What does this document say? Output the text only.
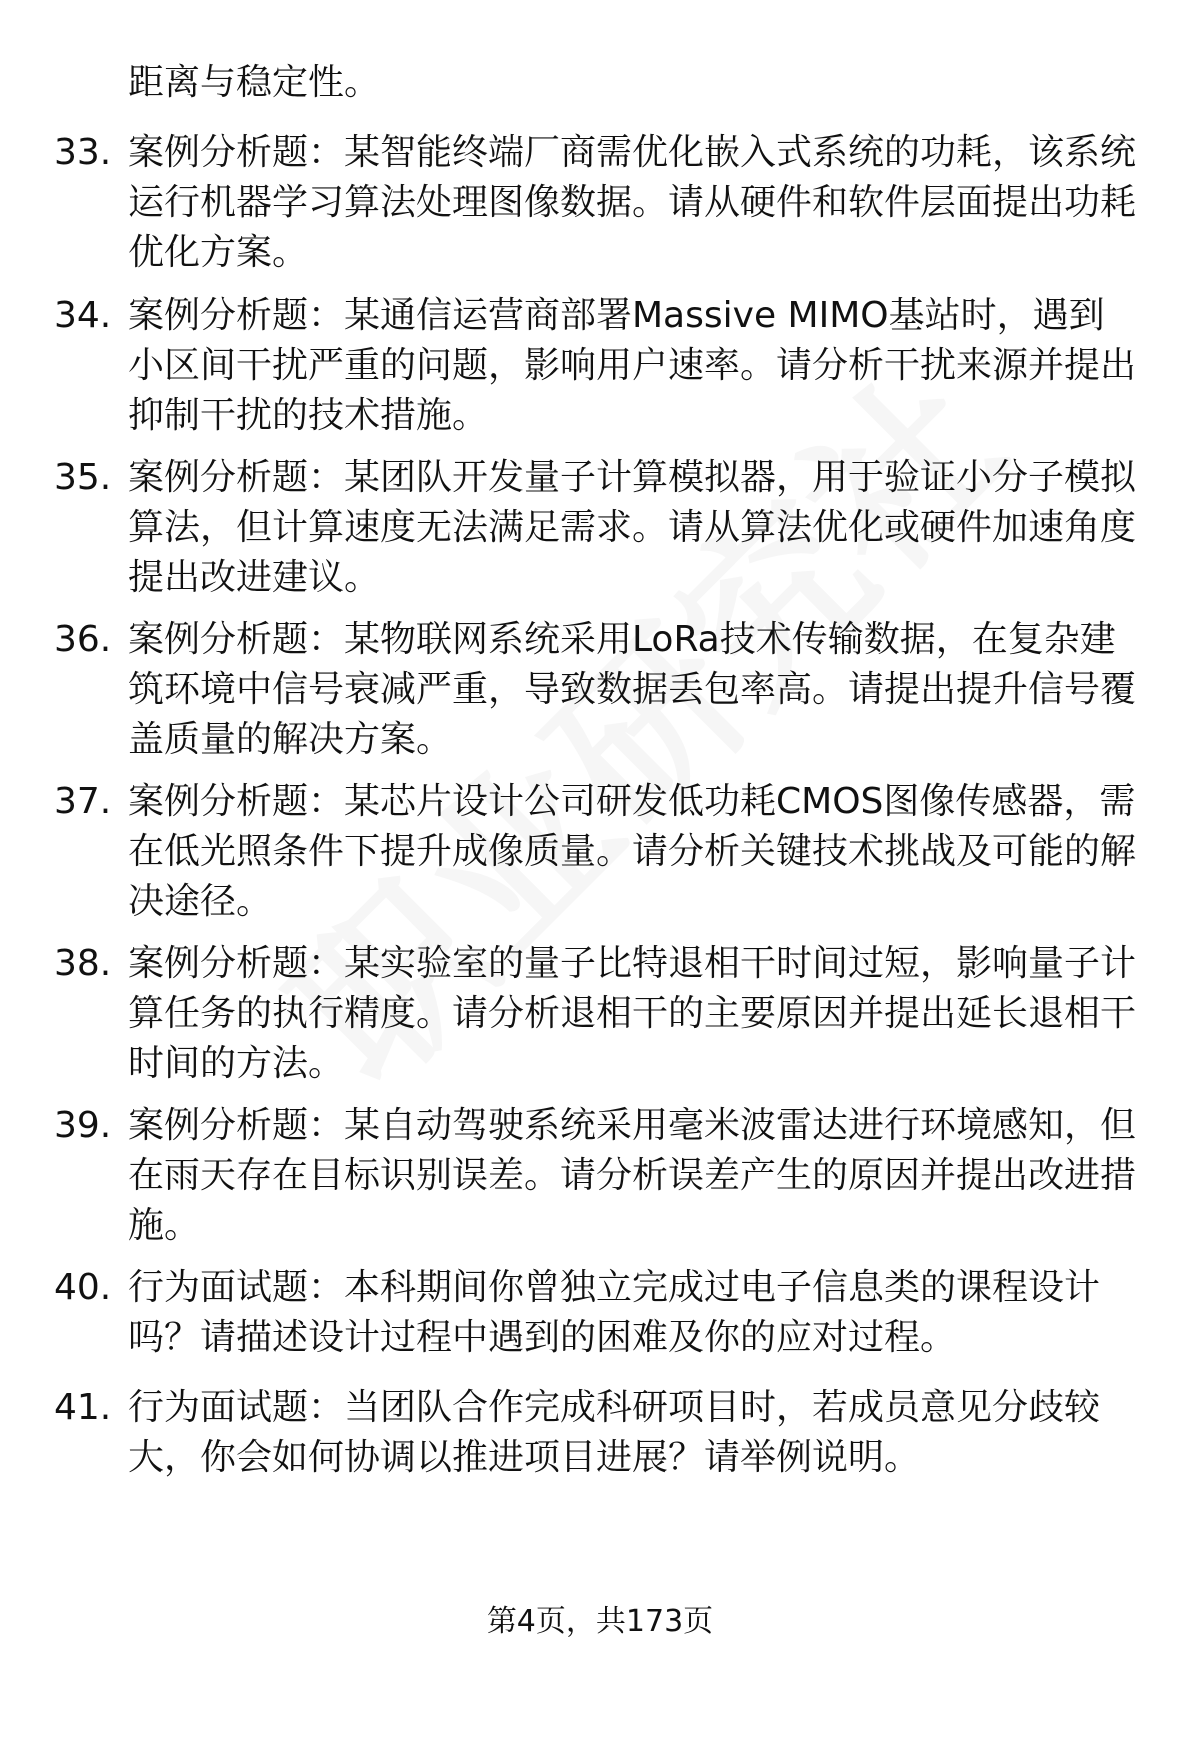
距离与稳定性。
33. 案例分析题：某智能终端厂商需优化嵌入式系统的功耗，该系统运行机器学习算法处理图像数据。请从硬件和软件层面提出功耗优化方案。
34. 案例分析题：某通信运营商部署Massive MIMO基站时，遇到小区间干扰严重的问题，影响用户速率。请分析干扰来源并提出抑制干扰的技术措施。
35. 案例分析题：某团队开发量子计算模拟器，用于验证小分子模拟算法，但计算速度无法满足需求。请从算法优化或硬件加速角度提出改进建议。
36. 案例分析题：某物联网系统采用LoRa技术传输数据，在复杂建筑环境中信号衰减严重，导致数据丢包率高。请提出提升信号覆盖质量的解决方案。
37. 案例分析题：某芯片设计公司研发低功耗CMOS图像传感器，需在低光照条件下提升成像质量。请分析关键技术挑战及可能的解决途径。
38. 案例分析题：某实验室的量子比特退相干时间过短，影响量子计算任务的执行精度。请分析退相干的主要原因并提出延长退相干时间的方法。
39. 案例分析题：某自动驾驶系统采用毫米波雷达进行环境感知，但在雨天存在目标识别误差。请分析误差产生的原因并提出改进措施。
40. 行为面试题：本科期间你曾独立完成过电子信息类的课程设计吗？请描述设计过程中遇到的困难及你的应对过程。
41. 行为面试题：当团队合作完成科研项目时，若成员意见分歧较大，你会如何协调以推进项目进展？请举例说明。
第4页，共173页
